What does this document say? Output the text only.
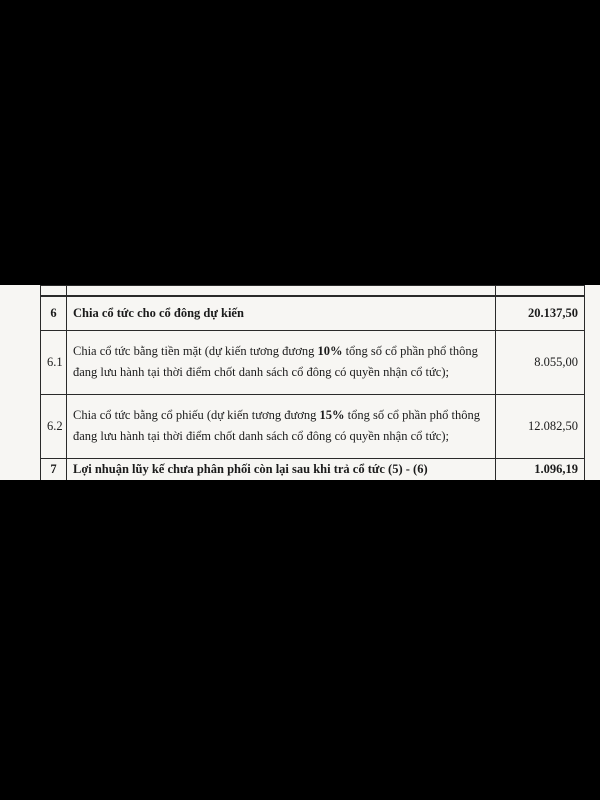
6	Chia cổ tức cho cổ đông dự kiến	20.137,50
6.1	Chia cổ tức bằng tiền mặt (dự kiến tương đương 10% tổng số cổ phần phổ thông đang lưu hành tại thời điểm chốt danh sách cổ đông có quyền nhận cổ tức);	8.055,00
6.2	Chia cổ tức bằng cổ phiếu (dự kiến tương đương 15% tổng số cổ phần phổ thông đang lưu hành tại thời điểm chốt danh sách cổ đông có quyền nhận cổ tức);	12.082,50
7	Lợi nhuận lũy kế chưa phân phối còn lại sau khi trả cổ tức (5) - (6)	1.096,19
